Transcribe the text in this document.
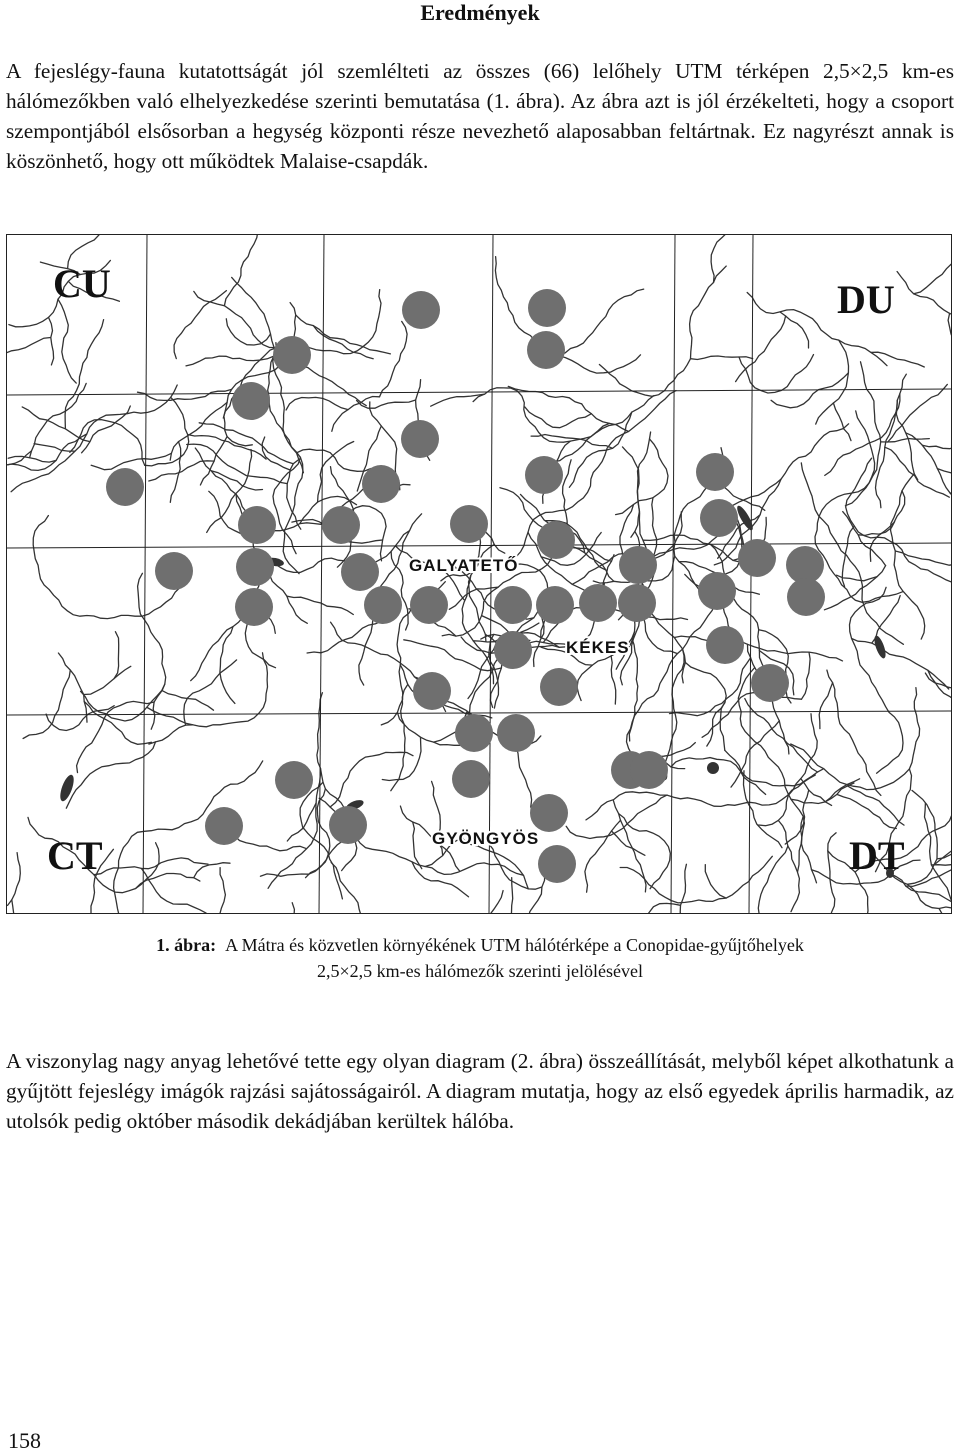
Eredmények

A fejeslégy-fauna kutatottságát jól szemlélteti az összes (66) lelőhely UTM térképen 2,5×2,5 km-es hálómezőkben való elhelyezkedése szerinti bemutatása (1. ábra). Az ábra azt is jól érzékelteti, hogy a csoport szempontjából elsősorban a hegység központi része nevezhető alaposabban feltártnak. Ez nagyrészt annak is köszönhető, hogy ott működtek Malaise-csapdák.

CU	DU
CT	DT
GALYATETŐ
KÉKES
GYÖNGYÖS
1. ábra: A Mátra és közvetlen környékének UTM hálótérképe a Conopidae-gyűjtőhelyek
2,5×2,5 km-es hálómezők szerinti jelölésével

A viszonylag nagy anyag lehetővé tette egy olyan diagram (2. ábra) összeállítását, melyből képet alkothatunk a gyűjtött fejeslégy imágók rajzási sajátosságairól. A diagram mutatja, hogy az első egyedek április harmadik, az utolsók pedig október második dekádjában kerültek hálóba.

158
